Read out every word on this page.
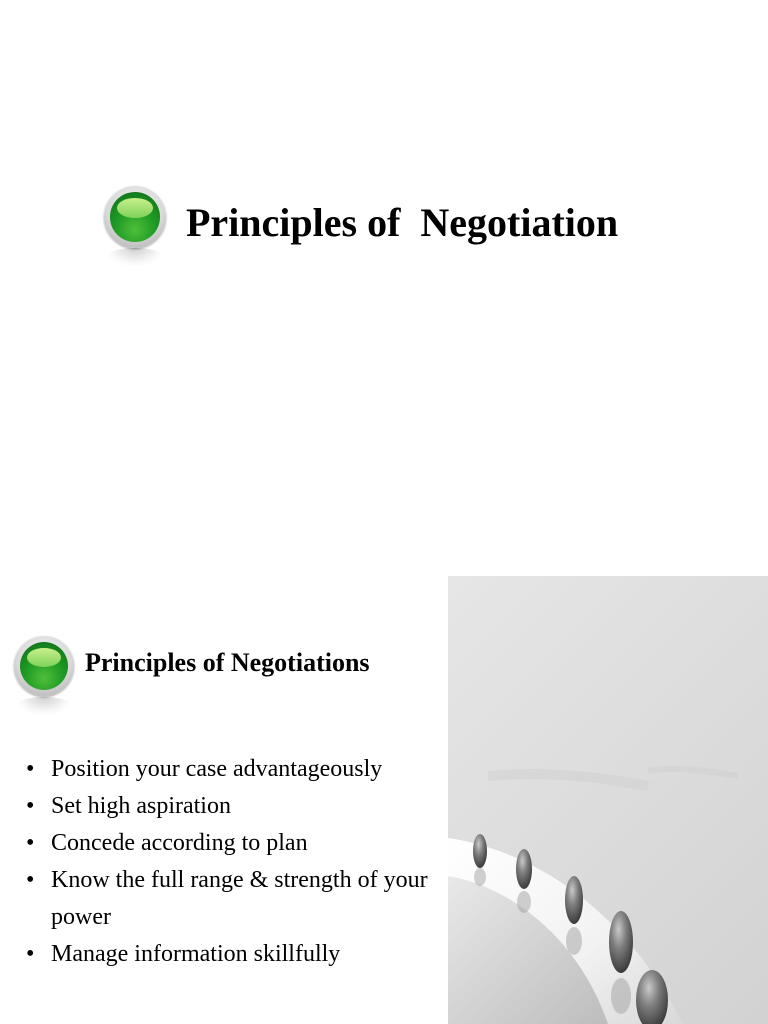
Principles of  Negotiation
Principles of Negotiations
• Position your case advantageously
• Set high aspiration
• Concede according to plan
• Know the full range & strength of your power
• Manage information skillfully
